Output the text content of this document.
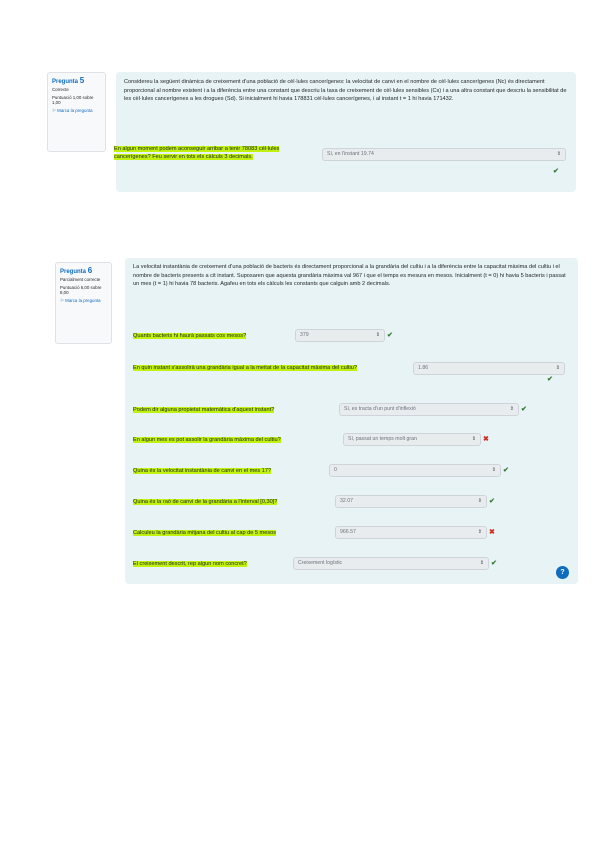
Pregunta 5
Correcte
Puntuació 1,00 sobre 1,00
⚐ Marca la pregunta
Considereu la següent dinàmica de creixement d'una població de cèl·lules cancerígenes: la velocitat de canvi en el nombre de cèl·lules cancerígenes (Nc) és directament proporcional al nombre existent i a la diferència entre una constant que descriu la taxa de creixement de cèl·lules sensibles (Cs) i a una altra constant que descriu la sensibilitat de les cèl·lules cancerígenes a les drogues (Sd). Si inicialment hi havia 178831 cèl·lules cancerígenes, i al instant t = 1 hi havia 171432.
En algun moment podem aconseguir arribar a tenir 78083 cèl·lules cancerígenes? Feu servir en tots els càlculs 3 decimals.
Sí, en l'instant 19.74	⇕
✔
Pregunta 6
Parcialment correcte
Puntuació 6,00 sobre 8,00
⚐ Marca la pregunta
La velocitat instantània de creixement d'una població de bacteris és directament proporcional a la grandària del cultiu i a la diferència entre la capacitat màxima del cultiu i el nombre de bacteris presents a cit instant. Suposaren que aquesta grandària màxima val 967 i que el temps es mesura en mesos. Inicialment (t = 0) hi havia 5 bacteris i passat un mes (t = 1) hi havia 78 bacteris. Agafeu en tots els càlculs les constants que calguin amb 2 decimals.
Quants bacteris hi haurà passats cos mesos?	379	⇕ ✔
En quin instant s'assolirà una grandària igual a la meitat de la capacitat màxima del cultiu?	1.86	⇕
✔
Podem dir alguna propietat matemàtica d'aquest instant?	Sí, es tracta d'un punt d'inflexió	⇕ ✔
En algun mes es pot assolir la grandària màxima del cultiu?	Sí, passat un temps molt gran	⇕ ✖
Quina és la velocitat instantània de canvi en el mes 17?	0	⇕ ✔
Quina és la raó de canvi de la grandària a l'interval [0,30]?	32.07	⇕ ✔
Calculeu la grandària mitjana del cultiu al cap de 5 mesos	966.57	⇕ ✖
El creixement descrit, rep algun nom concret?	Creixement logístic	⇕ ✔
?
